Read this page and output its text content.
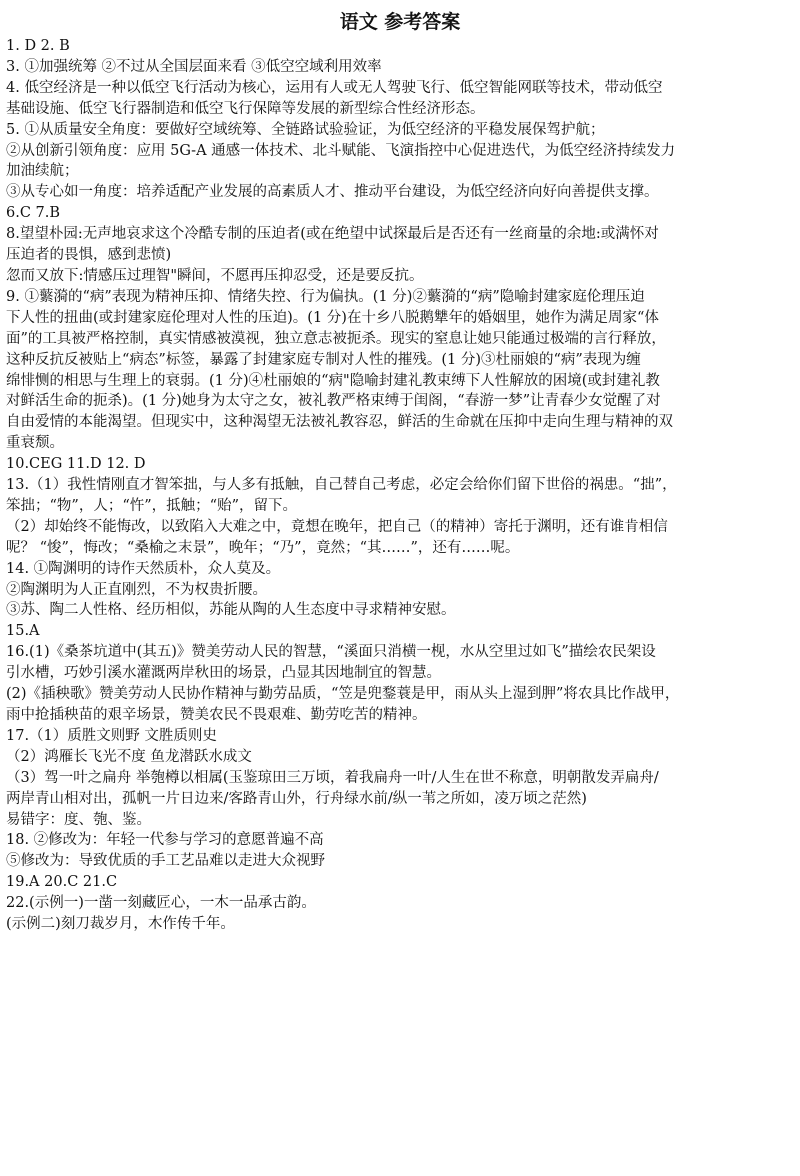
语文 参考答案
1. D 2. B
3. ①加强统筹 ②不过从全国层面来看 ③低空空域利用效率
4. 低空经济是一种以低空飞行活动为核心，运用有人或无人驾驶飞行、低空智能网联等技术，带动低空
基础设施、低空飞行器制造和低空飞行保障等发展的新型综合性经济形态。
5. ①从质量安全角度：要做好空域统筹、全链路试验验证，为低空经济的平稳发展保驾护航；
②从创新引领角度：应用 5G-A 通感一体技术、北斗赋能、飞演指控中心促进迭代，为低空经济持续发力
加油续航；
③从专心如一角度：培养适配产业发展的高素质人才、推动平台建设，为低空经济向好向善提供支撑。
6.C 7.B
8.望望朴园:无声地哀求这个冷酷专制的压迫者(或在绝望中试探最后是否还有一丝商量的余地:或满怀对
压迫者的畏惧，感到悲愤)
忽而又放下:情感压过理智"瞬间，不愿再压抑忍受，还是要反抗。
9. ①蘩漪的“病”表现为精神压抑、情绪失控、行为偏执。(1 分)②蘩漪的“病”隐喻封建家庭伦理压迫
下人性的扭曲(或封建家庭伦理对人性的压迫)。(1 分)在十乡八脱鹅犨年的婚姻里，她作为满足周家“体
面”的工具被严格控制，真实情感被漠视，独立意志被扼杀。现实的窒息让她只能通过极端的言行释放，
这种反抗反被贴上“病态”标签，暴露了封建家庭专制对人性的摧残。(1 分)③杜丽娘的“病”表现为缠
绵悱恻的相思与生理上的衰弱。(1 分)④杜丽娘的“病"隐喻封建礼教束缚下人性解放的困境(或封建礼教
对鲜活生命的扼杀)。(1 分)她身为太守之女，被礼教严格束缚于闺阁，“春游一梦”让青春少女觉醒了对
自由爱情的本能渴望。但现实中，这种渴望无法被礼教容忍，鲜活的生命就在压抑中走向生理与精神的双
重衰颓。
10.CEG 11.D 12. D
13.（1）我性情刚直才智笨拙，与人多有抵触，自己替自己考虑，必定会给你们留下世俗的祸患。“拙”，
笨拙；“物”，人；“忤”，抵触；“贻”，留下。
（2）却始终不能悔改，以致陷入大难之中，竟想在晚年，把自己（的精神）寄托于渊明，还有谁肯相信
呢？ “悛”，悔改；“桑榆之末景”，晚年；“乃”，竟然；“其……”，还有……呢。
14. ①陶渊明的诗作天然质朴，众人莫及。
②陶渊明为人正直刚烈，不为权贵折腰。
③苏、陶二人性格、经历相似，苏能从陶的人生态度中寻求精神安慰。
15.A
16.(1)《桑茶坑道中(其五)》赞美劳动人民的智慧，“溪面只消横一枧，水从空里过如飞”描绘农民架设
引水槽，巧妙引溪水灌溉两岸秋田的场景，凸显其因地制宜的智慧。
(2)《插秧歌》赞美劳动人民协作精神与勤劳品质，“笠是兜鍪蓑是甲，雨从头上湿到胛”将农具比作战甲，
雨中抢插秧苗的艰辛场景，赞美农民不畏艰难、勤劳吃苦的精神。
17.（1）质胜文则野 文胜质则史
（2）鸿雁长飞光不度 鱼龙潜跃水成文
（3）驾一叶之扁舟 举匏樽以相属(玉鉴琼田三万顷，着我扁舟一叶/人生在世不称意，明朝散发弄扁舟/
两岸青山相对出，孤帆一片日边来/客路青山外，行舟绿水前/纵一苇之所如，凌万顷之茫然)
易错字：度、匏、鉴。
18. ②修改为：年轻一代参与学习的意愿普遍不高
⑤修改为：导致优质的手工艺品难以走进大众视野
19.A 20.C 21.C
22.(示例一)一凿一刻藏匠心，一木一品承古韵。
(示例二)刻刀裁岁月，木作传千年。
